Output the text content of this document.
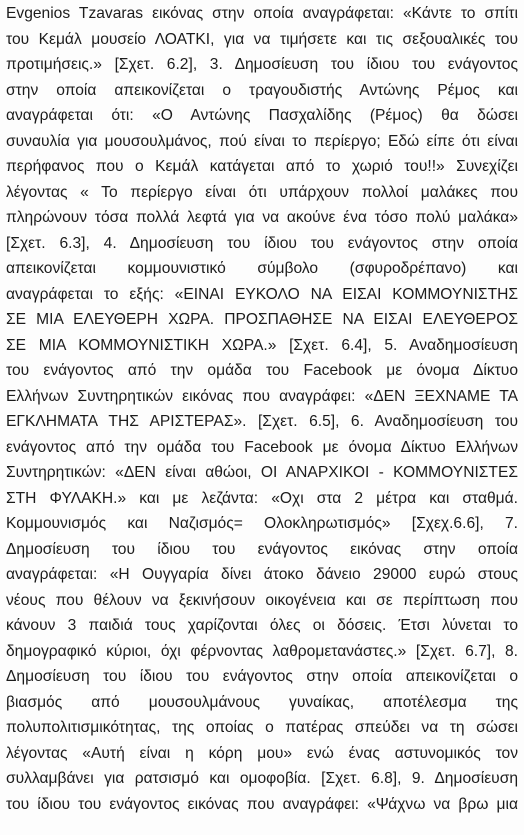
Evgenios Tzavaras εικόνας στην οποία αναγράφεται: «Κάντε το σπίτι
του Κεμάλ μουσείο ΛΟΑΤΚΙ, για να τιμήσετε και τις σεξουαλικές του
προτιμήσεις.» [Σχετ. 6.2], 3. Δημοσίευση του ίδιου του ενάγοντος
στην οποία απεικονίζεται ο τραγουδιστής Αντώνης Ρέμος και
αναγράφεται ότι: «Ο Αντώνης Πασχαλίδης (Ρέμος) θα δώσει
συναυλία για μουσουλμάνος, πού είναι το περίεργο; Εδώ είπε ότι είναι
περήφανος που ο Κεμάλ κατάγεται από το χωριό του!!» Συνεχίζει
λέγοντας « Το περίεργο είναι ότι υπάρχουν πολλοί μαλάκες που
πληρώνουν τόσα πολλά λεφτά για να ακούνε ένα τόσο πολύ μαλάκα»
[Σχετ. 6.3], 4. Δημοσίευση του ίδιου του ενάγοντος στην οποία
απεικονίζεται κομμουνιστικό σύμβολο (σφυροδρέπανο) και
αναγράφεται το εξής: «ΕΙΝΑΙ ΕΥΚΟΛΟ ΝΑ ΕΙΣΑΙ ΚΟΜΜΟΥΝΙΣΤΗΣ
ΣΕ ΜΙΑ ΕΛΕΥΘΕΡΗ ΧΩΡΑ. ΠΡΟΣΠΑΘΗΣΕ ΝΑ ΕΙΣΑΙ ΕΛΕΥΘΕΡΟΣ
ΣΕ ΜΙΑ ΚΟΜΜΟΥΝΙΣΤΙΚΗ ΧΩΡΑ.» [Σχετ. 6.4], 5. Αναδημοσίευση
του ενάγοντος από την ομάδα του Facebook με όνομα Δίκτυο
Ελλήνων Συντηρητικών εικόνας που αναγράφει: «ΔΕΝ ΞΕΧΝΑΜΕ ΤΑ
ΕΓΚΛΗΜΑΤΑ ΤΗΣ ΑΡΙΣΤΕΡΑΣ». [Σχετ. 6.5], 6. Αναδημοσίευση του
ενάγοντος από την ομάδα του Facebook με όνομα Δίκτυο Ελλήνων
Συντηρητικών: «ΔΕΝ είναι αθώοι, ΟΙ ΑΝΑΡΧΙΚΟΙ - ΚΟΜΜΟΥΝΙΣΤΕΣ
ΣΤΗ ΦΥΛΑΚΗ.» και με λεζάντα: «Οχι στα 2 μέτρα και σταθμά.
Κομμουνισμός και Ναζισμός= Ολοκληρωτισμός» [Σχεχ.6.6], 7.
Δημοσίευση του ίδιου του ενάγοντος εικόνας στην οποία
αναγράφεται: «Η Ουγγαρία δίνει άτοκο δάνειο 29000 ευρώ στους
νέους που θέλουν να ξεκινήσουν οικογένεια και σε περίπτωση που
κάνουν 3 παιδιά τους χαρίζονται όλες οι δόσεις. Έτσι λύνεται το
δημογραφικό κύριοι, όχι φέρνοντας λαθρομετανάστες.» [Σχετ. 6.7], 8.
Δημοσίευση του ίδιου του ενάγοντος στην οποία απεικονίζεται ο
βιασμός από μουσουλμάνους γυναίκας, αποτέλεσμα της
πολυπολιτισμικότητας, της οποίας ο πατέρας σπεύδει να τη σώσει
λέγοντας «Αυτή είναι η κόρη μου» ενώ ένας αστυνομικός τον
συλλαμβάνει για ρατσισμό και ομοφοβία. [Σχετ. 6.8], 9. Δημοσίευση
του ίδιου του ενάγοντος εικόνας που αναγράφει: «Ψάχνω να βρω μια
